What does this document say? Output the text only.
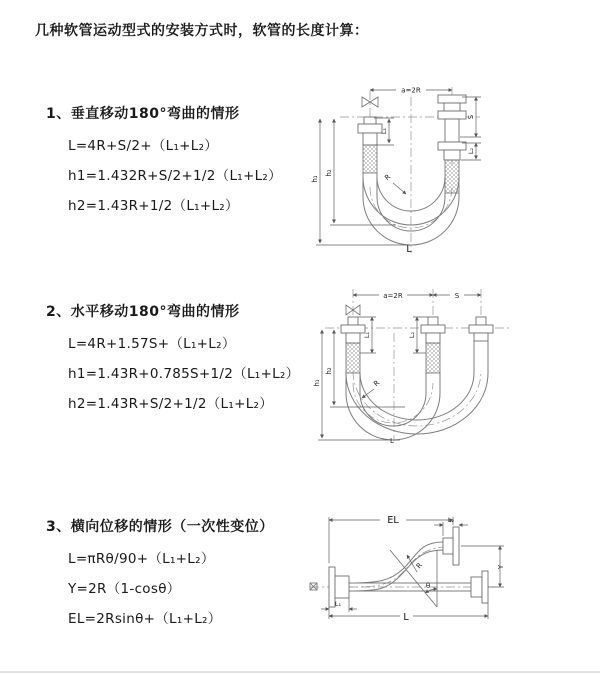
几种软管运动型式的安装方式时，软管的长度计算：
1、垂直移动180°弯曲的情形
L=4R+S/2+（L₁+L₂）
h1=1.432R+S/2+1/2（L₁+L₂）
h2=1.43R+1/2（L₁+L₂）
2、水平移动180°弯曲的情形
L=4R+1.57S+（L₁+L₂）
h1=1.43R+0.785S+1/2（L₁+L₂）
h2=1.43R+S/2+1/2（L₁+L₂）
3、横向位移的情形（一次性变位）
L=πRθ/90+（L₁+L₂）
Y=2R（1-cosθ）
EL=2Rsinθ+（L₁+L₂）
a=2R
h₁
h₂
L₁
S
L₂
R
L
a=2R	S
h₁
h₂
L₁	L₂
R
L
EL	L₂
Y
R
θ
L₁
L
